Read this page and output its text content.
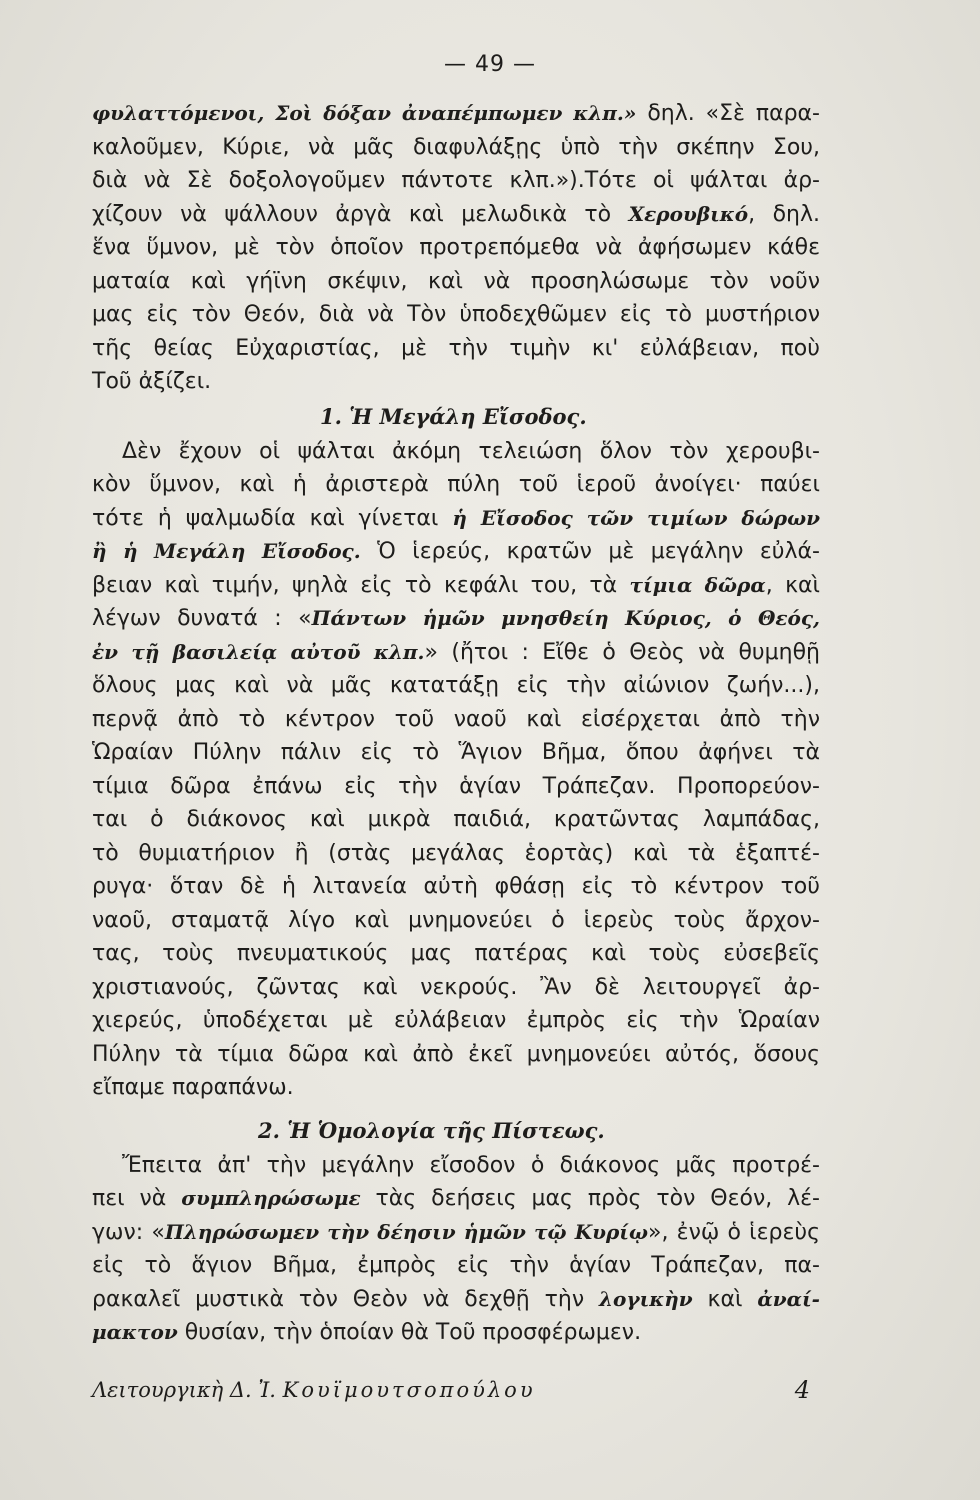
— 49 —
φυλαττόμενοι, Σοὶ δόξαν ἀναπέμπωμεν κλπ.» δηλ. «Σὲ παρα-
καλοῦμεν, Κύριε, νὰ μᾶς διαφυλάξῃς ὑπὸ τὴν σκέπην Σου,
διὰ νὰ Σὲ δοξολογοῦμεν πάντοτε κλπ.»).Τότε οἱ ψάλται ἀρ-
χίζουν νὰ ψάλλουν ἀργὰ καὶ μελωδικὰ τὸ Χερουβικό, δηλ.
ἕνα ὕμνον, μὲ τὸν ὁποῖον προτρεπόμεθα νὰ ἀφήσωμεν κάθε
ματαία καὶ γήϊνη σκέψιν, καὶ νὰ προσηλώσωμε τὸν νοῦν
μας εἰς τὸν Θεόν, διὰ νὰ Τὸν ὑποδεχθῶμεν εἰς τὸ μυστήριον
τῆς θείας Εὐχαριστίας, μὲ τὴν τιμὴν κι' εὐλάβειαν, ποὺ
Τοῦ ἀξίζει.
1. Ἡ Μεγάλη Εἴσοδος.
Δὲν ἔχουν οἱ ψάλται ἀκόμη τελειώση ὅλον τὸν χερουβι-
κὸν ὕμνον, καὶ ἡ ἀριστερὰ πύλη τοῦ ἱεροῦ ἀνοίγει· παύει
τότε ἡ ψαλμωδία καὶ γίνεται ἡ Εἴσοδος τῶν τιμίων δώρων
ἢ ἡ Μεγάλη Εἴσοδος. Ὁ ἱερεύς, κρατῶν μὲ μεγάλην εὐλά-
βειαν καὶ τιμήν, ψηλὰ εἰς τὸ κεφάλι του, τὰ τίμια δῶρα, καὶ
λέγων δυνατά : «Πάντων ἡμῶν μνησθείη Κύριος, ὁ Θεός,
ἐν τῇ βασιλείᾳ αὐτοῦ κλπ.» (ἤτοι : Εἴθε ὁ Θεὸς νὰ θυμηθῇ
ὅλους μας καὶ νὰ μᾶς κατατάξῃ εἰς τὴν αἰώνιον ζωήν...),
περνᾷ ἀπὸ τὸ κέντρον τοῦ ναοῦ καὶ εἰσέρχεται ἀπὸ τὴν
Ὡραίαν Πύλην πάλιν εἰς τὸ Ἅγιον Βῆμα, ὅπου ἀφήνει τὰ
τίμια δῶρα ἐπάνω εἰς τὴν ἁγίαν Τράπεζαν. Προπορεύον-
ται ὁ διάκονος καὶ μικρὰ παιδιά, κρατῶντας λαμπάδας,
τὸ θυμιατήριον ἢ (στὰς μεγάλας ἑορτὰς) καὶ τὰ ἑξαπτέ-
ρυγα· ὅταν δὲ ἡ λιτανεία αὐτὴ φθάσῃ εἰς τὸ κέντρον τοῦ
ναοῦ, σταματᾷ λίγο καὶ μνημονεύει ὁ ἱερεὺς τοὺς ἄρχον-
τας, τοὺς πνευματικούς μας πατέρας καὶ τοὺς εὐσεβεῖς
χριστιανούς, ζῶντας καὶ νεκρούς. Ἂν δὲ λειτουργεῖ ἀρ-
χιερεύς, ὑποδέχεται μὲ εὐλάβειαν ἐμπρὸς εἰς τὴν Ὡραίαν
Πύλην τὰ τίμια δῶρα καὶ ἀπὸ ἐκεῖ μνημονεύει αὐτός, ὅσους
εἴπαμε παραπάνω.
2. Ἡ Ὁμολογία τῆς Πίστεως.
Ἔπειτα ἀπ' τὴν μεγάλην εἴσοδον ὁ διάκονος μᾶς προτρέ-
πει νὰ συμπληρώσωμε τὰς δεήσεις μας πρὸς τὸν Θεόν, λέ-
γων: «Πληρώσωμεν τὴν δέησιν ἡμῶν τῷ Κυρίῳ», ἐνῷ ὁ ἱερεὺς
εἰς τὸ ἅγιον Βῆμα, ἐμπρὸς εἰς τὴν ἁγίαν Τράπεζαν, πα-
ρακαλεῖ μυστικὰ τὸν Θεὸν νὰ δεχθῇ τὴν λογικὴν καὶ ἀναί-
μακτον θυσίαν, τὴν ὁποίαν θὰ Τοῦ προσφέρωμεν.
Λειτουργικὴ Δ. Ἰ. Κουϊμουτσοπούλου	4
